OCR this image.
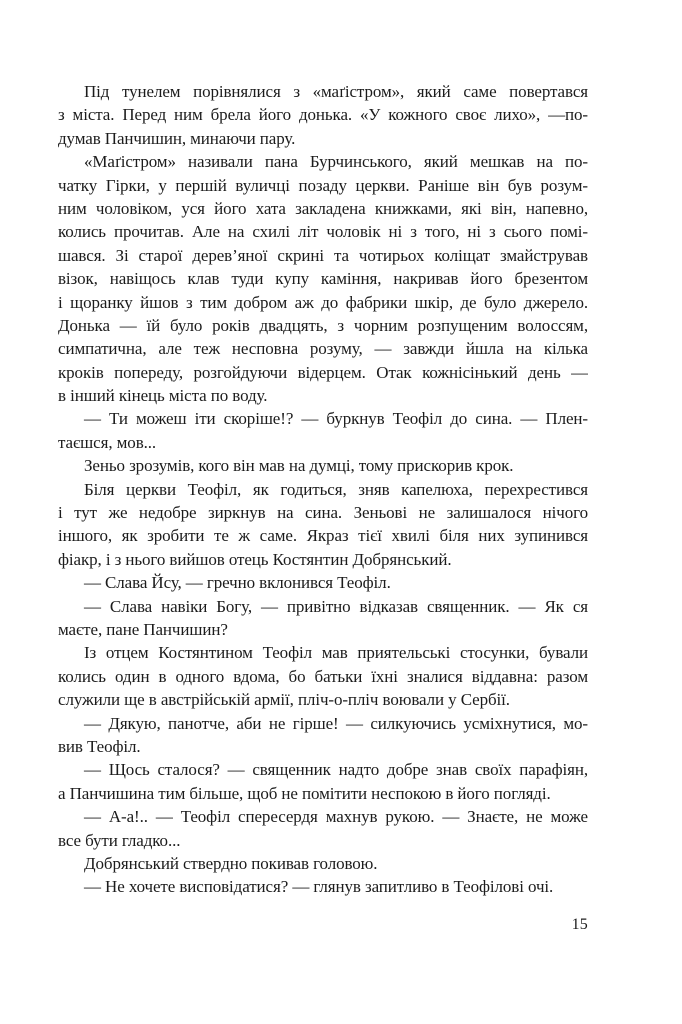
Під тунелем порівнялися з «маґістром», який саме повертався
з міста. Перед ним брела його донька. «У кожного своє лихо», —по-
думав Панчишин, минаючи пару.
«Маґістром» називали пана Бурчинського, який мешкав на по-
чатку Гірки, у першій вуличці позаду церкви. Раніше він був розум-
ним чоловіком, уся його хата закладена книжками, які він, напевно,
колись прочитав. Але на схилі літ чоловік ні з того, ні з сього помі-
шався. Зі старої дерев’яної скрині та чотирьох коліщат змайстрував
візок, навіщось клав туди купу каміння, накривав його брезентом
і щоранку йшов з тим добром аж до фабрики шкір, де було джерело.
Донька — їй було років двадцять, з чорним розпущеним волоссям,
симпатична, але теж несповна розуму, — завжди йшла на кілька
кроків попереду, розгойдуючи відерцем. Отак кожнісінький день —
в інший кінець міста по воду.
— Ти можеш іти скоріше!? — буркнув Теофіл до сина. — Плен-
таєшся, мов...
Зеньо зрозумів, кого він мав на думці, тому прискорив крок.
Біля церкви Теофіл, як годиться, зняв капелюха, перехрестився
і тут же недобре зиркнув на сина. Зеньові не залишалося нічого
іншого, як зробити те ж саме. Якраз тієї хвилі біля них зупинився
фіакр, і з нього вийшов отець Костянтин Добрянський.
— Слава Йсу, — гречно вклонився Теофіл.
— Слава навіки Богу, — привітно відказав священник. — Як ся
маєте, пане Панчишин?
Із отцем Костянтином Теофіл мав приятельські стосунки, бували
колись один в одного вдома, бо батьки їхні зналися віддавна: разом
служили ще в австрійській армії, пліч-о-пліч воювали у Сербії.
— Дякую, панотче, аби не гірше! — силкуючись усміхнутися, мо-
вив Теофіл.
— Щось сталося? — священник надто добре знав своїх парафіян,
а Панчишина тим більше, щоб не помітити неспокою в його погляді.
— А-а!.. — Теофіл спересердя махнув рукою. — Знаєте, не може
все бути гладко...
Добрянський ствердно покивав головою.
— Не хочете висповідатися? — глянув запитливо в Теофілові очі.
15
